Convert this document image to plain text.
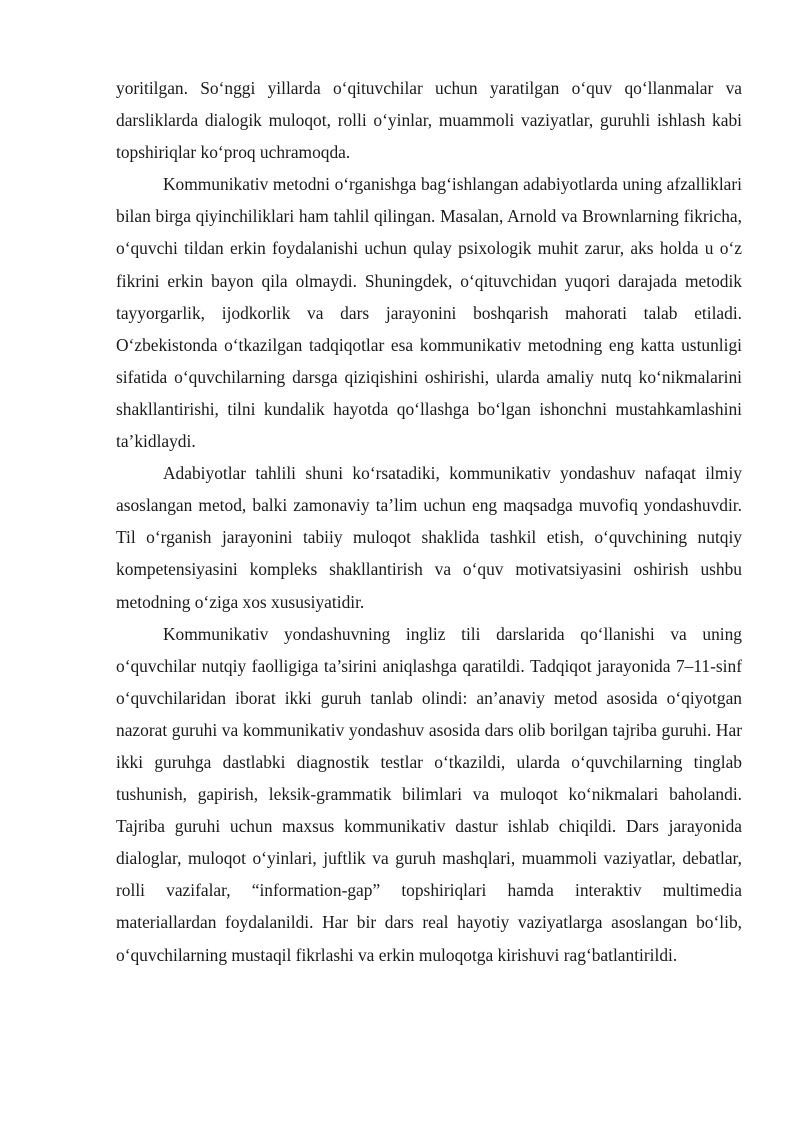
yoritilgan. So‘nggi yillarda o‘qituvchilar uchun yaratilgan o‘quv qo‘llanmalar va darsliklarda dialogik muloqot, rolli o‘yinlar, muammoli vaziyatlar, guruhli ishlash kabi topshiriqlar ko‘proq uchramoqda.

Kommunikativ metodni o‘rganishga bag‘ishlangan adabiyotlarda uning afzalliklari bilan birga qiyinchiliklari ham tahlil qilingan. Masalan, Arnold va Brownlarning fikricha, o‘quvchi tildan erkin foydalanishi uchun qulay psixologik muhit zarur, aks holda u o‘z fikrini erkin bayon qila olmaydi. Shuningdek, o‘qituvchidan yuqori darajada metodik tayyorgarlik, ijodkorlik va dars jarayonini boshqarish mahorati talab etiladi. O‘zbekistonda o‘tkazilgan tadqiqotlar esa kommunikativ metodning eng katta ustunligi sifatida o‘quvchilarning darsga qiziqishini oshirishi, ularda amaliy nutq ko‘nikmalarini shakllantirishi, tilni kundalik hayotda qo‘llashga bo‘lgan ishonchni mustahkamlashini ta’kidlaydi.

Adabiyotlar tahlili shuni ko‘rsatadiki, kommunikativ yondashuv nafaqat ilmiy asoslangan metod, balki zamonaviy ta’lim uchun eng maqsadga muvofiq yondashuvdir. Til o‘rganish jarayonini tabiiy muloqot shaklida tashkil etish, o‘quvchining nutqiy kompetensiyasini kompleks shakllantirish va o‘quv motivatsiyasini oshirish ushbu metodning o‘ziga xos xususiyatidir.

Kommunikativ yondashuvning ingliz tili darslarida qo‘llanishi va uning o‘quvchilar nutqiy faolligiga ta’sirini aniqlashga qaratildi. Tadqiqot jarayonida 7–11-sinf o‘quvchilaridan iborat ikki guruh tanlab olindi: an’anaviy metod asosida o‘qiyotgan nazorat guruhi va kommunikativ yondashuv asosida dars olib borilgan tajriba guruhi. Har ikki guruhga dastlabki diagnostik testlar o‘tkazildi, ularda o‘quvchilarning tinglab tushunish, gapirish, leksik-grammatik bilimlari va muloqot ko‘nikmalari baholandi. Tajriba guruhi uchun maxsus kommunikativ dastur ishlab chiqildi. Dars jarayonida dialoglar, muloqot o‘yinlari, juftlik va guruh mashqlari, muammoli vaziyatlar, debatlar, rolli vazifalar, “information-gap” topshiriqlari hamda interaktiv multimedia materiallardan foydalanildi. Har bir dars real hayotiy vaziyatlarga asoslangan bo‘lib, o‘quvchilarning mustaqil fikrlashi va erkin muloqotga kirishuvi rag‘batlantirildi.
